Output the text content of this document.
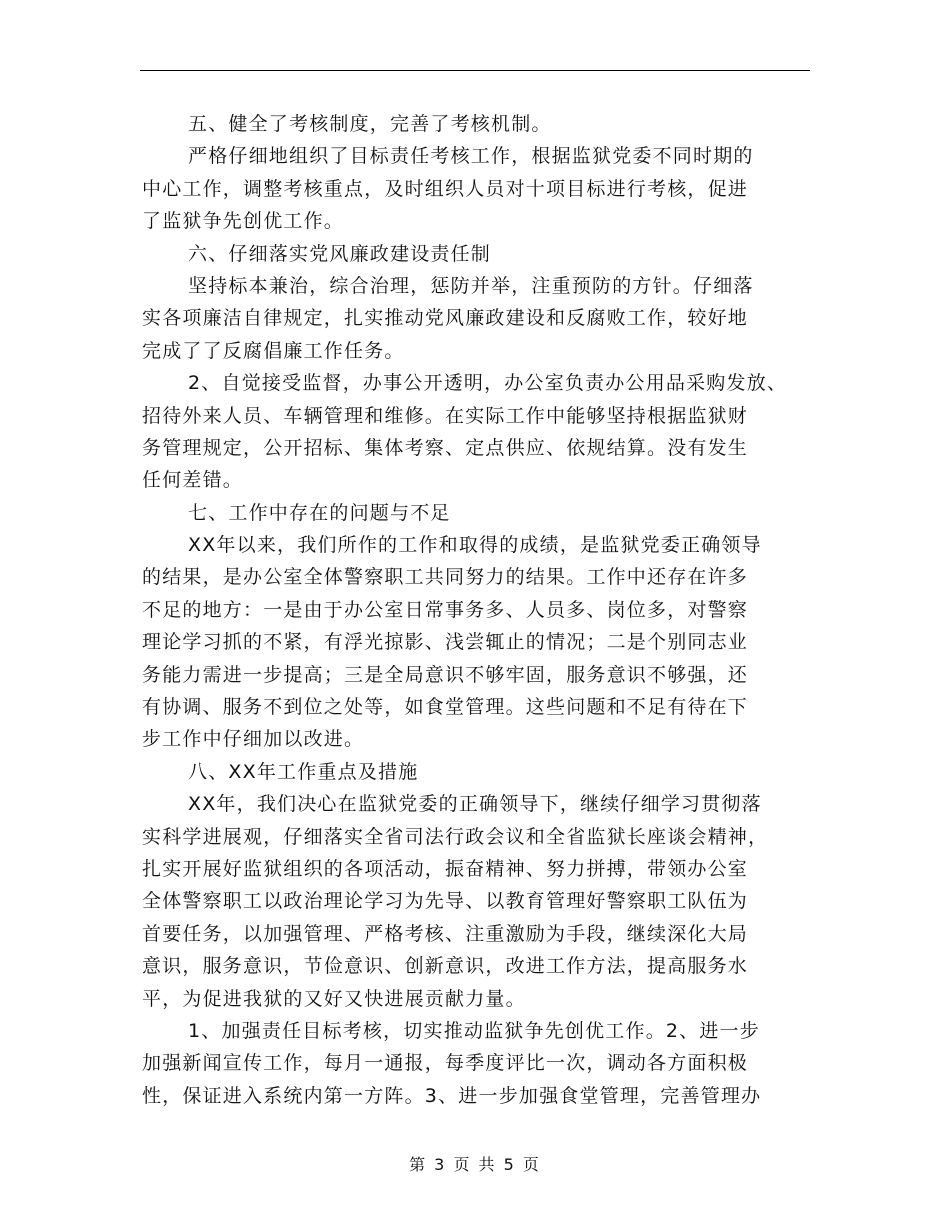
五、健全了考核制度，完善了考核机制。
严格仔细地组织了目标责任考核工作，根据监狱党委不同时期的
中心工作，调整考核重点，及时组织人员对十项目标进行考核，促进
了监狱争先创优工作。
六、仔细落实党风廉政建设责任制
坚持标本兼治，综合治理，惩防并举，注重预防的方针。仔细落
实各项廉洁自律规定，扎实推动党风廉政建设和反腐败工作，较好地
完成了了反腐倡廉工作任务。
2、自觉接受监督，办事公开透明，办公室负责办公用品采购发放、
招待外来人员、车辆管理和维修。在实际工作中能够坚持根据监狱财
务管理规定，公开招标、集体考察、定点供应、依规结算。没有发生
任何差错。
七、工作中存在的问题与不足
XX年以来，我们所作的工作和取得的成绩，是监狱党委正确领导
的结果，是办公室全体警察职工共同努力的结果。工作中还存在许多
不足的地方：一是由于办公室日常事务多、人员多、岗位多，对警察
理论学习抓的不紧，有浮光掠影、浅尝辄止的情况；二是个别同志业
务能力需进一步提高；三是全局意识不够牢固，服务意识不够强，还
有协调、服务不到位之处等，如食堂管理。这些问题和不足有待在下
步工作中仔细加以改进。
八、XX年工作重点及措施
XX年，我们决心在监狱党委的正确领导下，继续仔细学习贯彻落
实科学进展观，仔细落实全省司法行政会议和全省监狱长座谈会精神，
扎实开展好监狱组织的各项活动，振奋精神、努力拼搏，带领办公室
全体警察职工以政治理论学习为先导、以教育管理好警察职工队伍为
首要任务，以加强管理、严格考核、注重激励为手段，继续深化大局
意识，服务意识，节俭意识、创新意识，改进工作方法，提高服务水
平，为促进我狱的又好又快进展贡献力量。
1、加强责任目标考核，切实推动监狱争先创优工作。2、进一步
加强新闻宣传工作，每月一通报，每季度评比一次，调动各方面积极
性，保证进入系统内第一方阵。3、进一步加强食堂管理，完善管理办
第 3 页 共 5 页
